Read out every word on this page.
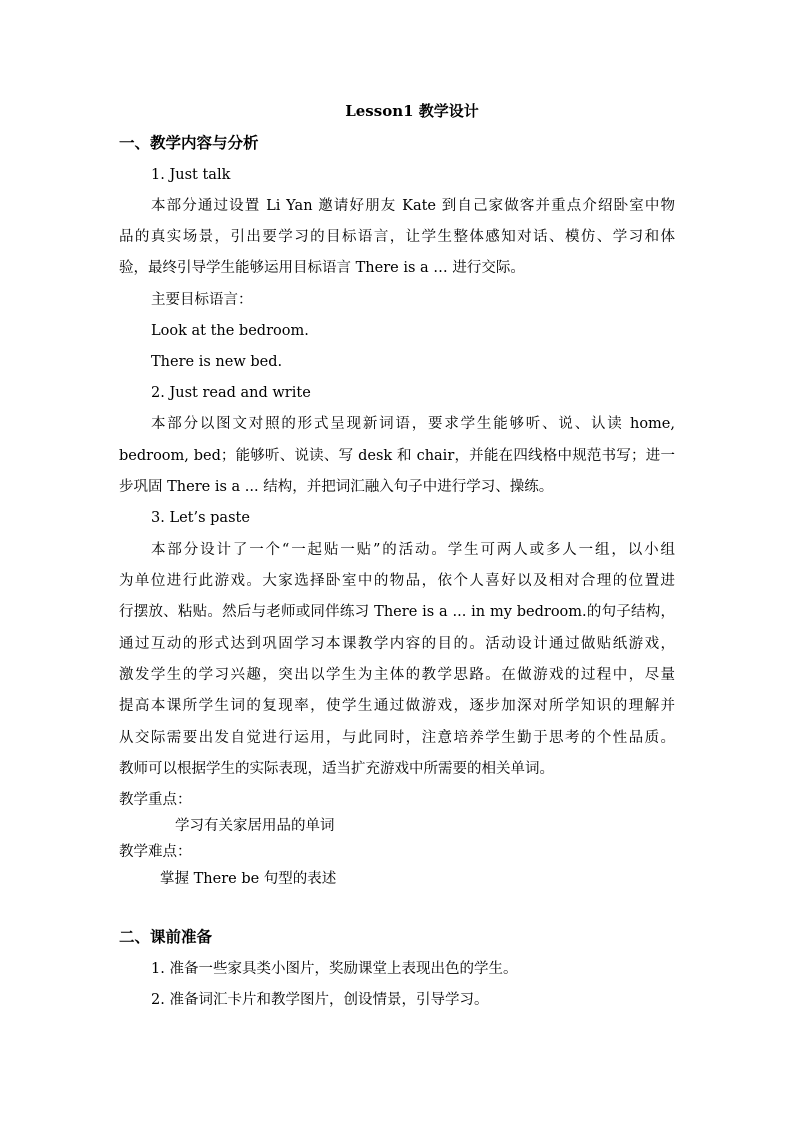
Lesson1 教学设计
一、教学内容与分析
1. Just talk
本部分通过设置 Li Yan 邀请好朋友 Kate 到自己家做客并重点介绍卧室中物
品的真实场景，引出要学习的目标语言，让学生整体感知对话、模仿、学习和体
验，最终引导学生能够运用目标语言 There is a … 进行交际。
主要目标语言：
Look at the bedroom.
There is new bed.
2. Just read and write
本部分以图文对照的形式呈现新词语，要求学生能够听、说、认读 home,
bedroom, bed；能够听、说读、写 desk 和 chair，并能在四线格中规范书写；进一
步巩固 There is a ... 结构，并把词汇融入句子中进行学习、操练。
3. Let’s paste
本部分设计了一个“一起贴一贴”的活动。学生可两人或多人一组，以小组
为单位进行此游戏。大家选择卧室中的物品，依个人喜好以及相对合理的位置进
行摆放、粘贴。然后与老师或同伴练习 There is a ... in my bedroom.的句子结构，
通过互动的形式达到巩固学习本课教学内容的目的。活动设计通过做贴纸游戏，
激发学生的学习兴趣，突出以学生为主体的教学思路。在做游戏的过程中，尽量
提高本课所学生词的复现率，使学生通过做游戏，逐步加深对所学知识的理解并
从交际需要出发自觉进行运用，与此同时，注意培养学生勤于思考的个性品质。
教师可以根据学生的实际表现，适当扩充游戏中所需要的相关单词。
教学重点：
学习有关家居用品的单词
教学难点：
掌握 There be 句型的表述
二、课前准备
1. 准备一些家具类小图片，奖励课堂上表现出色的学生。
2. 准备词汇卡片和教学图片，创设情景，引导学习。
